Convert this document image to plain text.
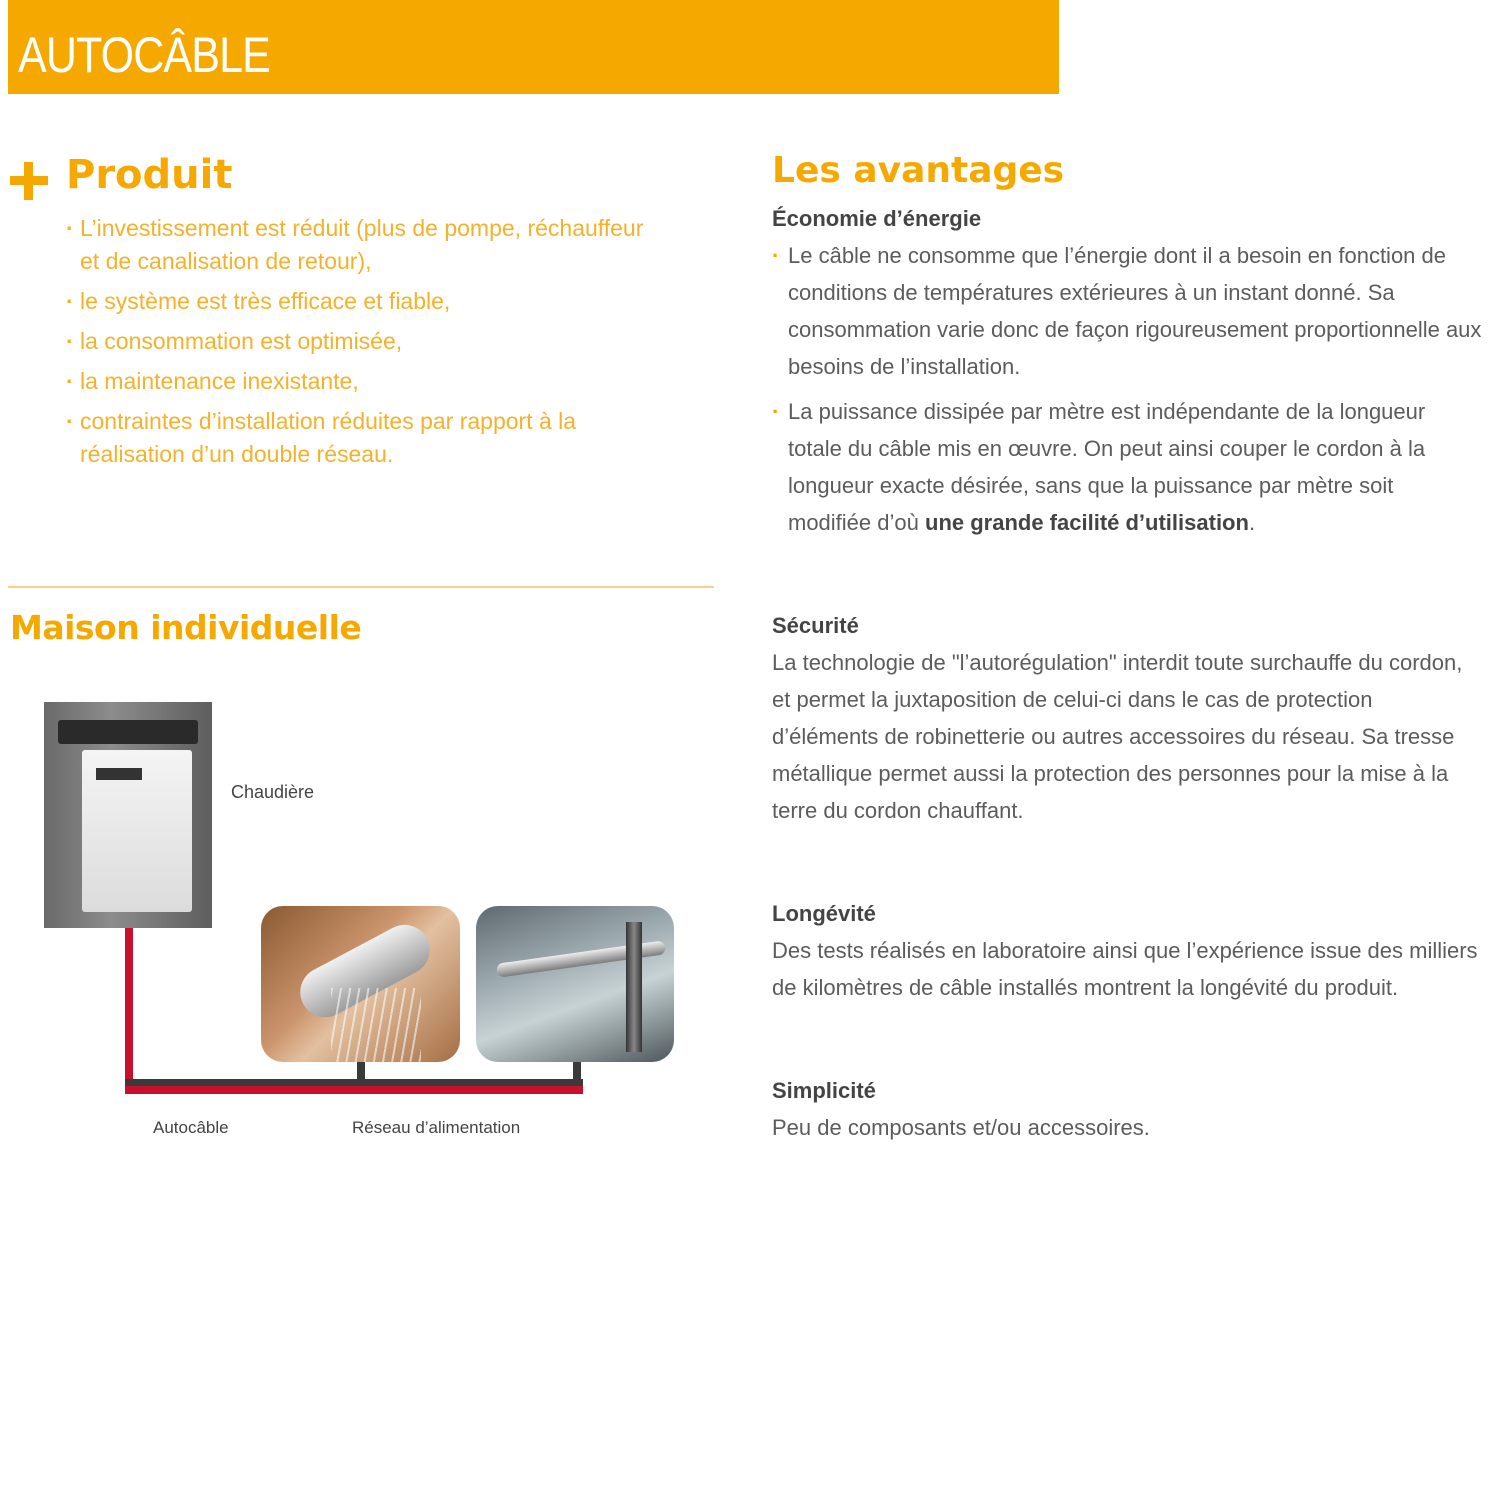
AUTOCÂBLE
Produit
· L’investissement est réduit (plus de pompe, réchauffeur et de canalisation de retour),
· le système est très efficace et fiable,
· la consommation est optimisée,
· la maintenance inexistante,
· contraintes d’installation réduites par rapport à la réalisation d’un double réseau.
Maison individuelle
Chaudière
Autocâble	Réseau d’alimentation
Les avantages
Économie d’énergie
· Le câble ne consomme que l’énergie dont il a besoin en fonction de conditions de températures extérieures à un instant donné. Sa consommation varie donc de façon rigoureusement proportionnelle aux besoins de l’installation.
· La puissance dissipée par mètre est indépendante de la longueur totale du câble mis en œuvre. On peut ainsi couper le cordon à la longueur exacte désirée, sans que la puissance par mètre soit modifiée d’où une grande facilité d’utilisation.
Sécurité

La technologie de "l’autorégulation" interdit toute surchauffe du cordon, et permet la juxtaposition de celui-ci dans le cas de protection d’éléments de robinetterie ou autres accessoires du réseau. Sa tresse métallique permet aussi la protection des personnes pour la mise à la terre du cordon chauffant.

Longévité

Des tests réalisés en laboratoire ainsi que l’expérience issue des milliers de kilomètres de câble installés montrent la longévité du produit.

Simplicité

Peu de composants et/ou accessoires.
